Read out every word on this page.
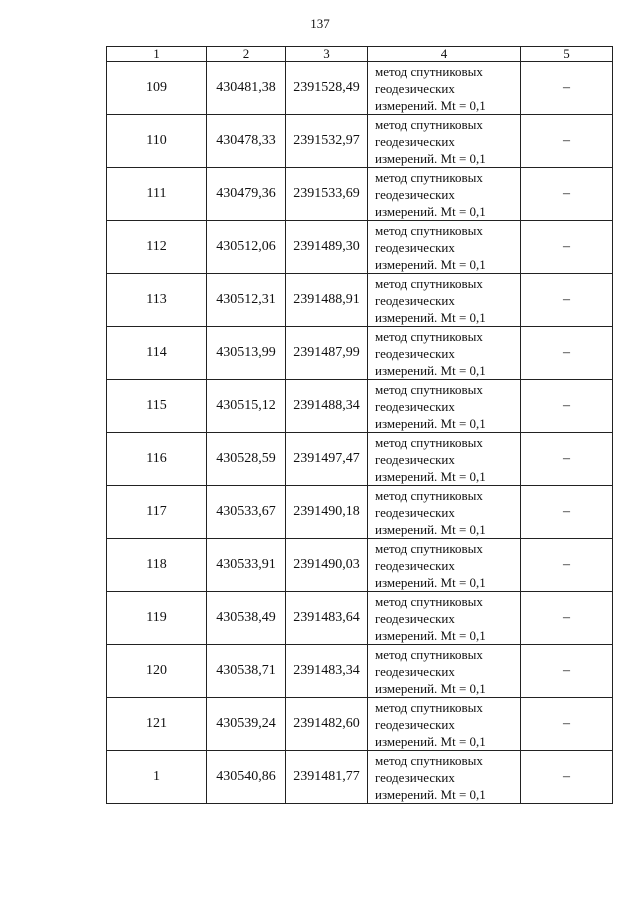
137
1	2	3	4	5
109	430481,38	2391528,49	метод спутниковых
геодезических
измерений. Mt = 0,1	–
110	430478,33	2391532,97	метод спутниковых
геодезических
измерений. Mt = 0,1	–
111	430479,36	2391533,69	метод спутниковых
геодезических
измерений. Mt = 0,1	–
112	430512,06	2391489,30	метод спутниковых
геодезических
измерений. Mt = 0,1	–
113	430512,31	2391488,91	метод спутниковых
геодезических
измерений. Mt = 0,1	–
114	430513,99	2391487,99	метод спутниковых
геодезических
измерений. Mt = 0,1	–
115	430515,12	2391488,34	метод спутниковых
геодезических
измерений. Mt = 0,1	–
116	430528,59	2391497,47	метод спутниковых
геодезических
измерений. Mt = 0,1	–
117	430533,67	2391490,18	метод спутниковых
геодезических
измерений. Mt = 0,1	–
118	430533,91	2391490,03	метод спутниковых
геодезических
измерений. Mt = 0,1	–
119	430538,49	2391483,64	метод спутниковых
геодезических
измерений. Mt = 0,1	–
120	430538,71	2391483,34	метод спутниковых
геодезических
измерений. Mt = 0,1	–
121	430539,24	2391482,60	метод спутниковых
геодезических
измерений. Mt = 0,1	–
1	430540,86	2391481,77	метод спутниковых
геодезических
измерений. Mt = 0,1	–
